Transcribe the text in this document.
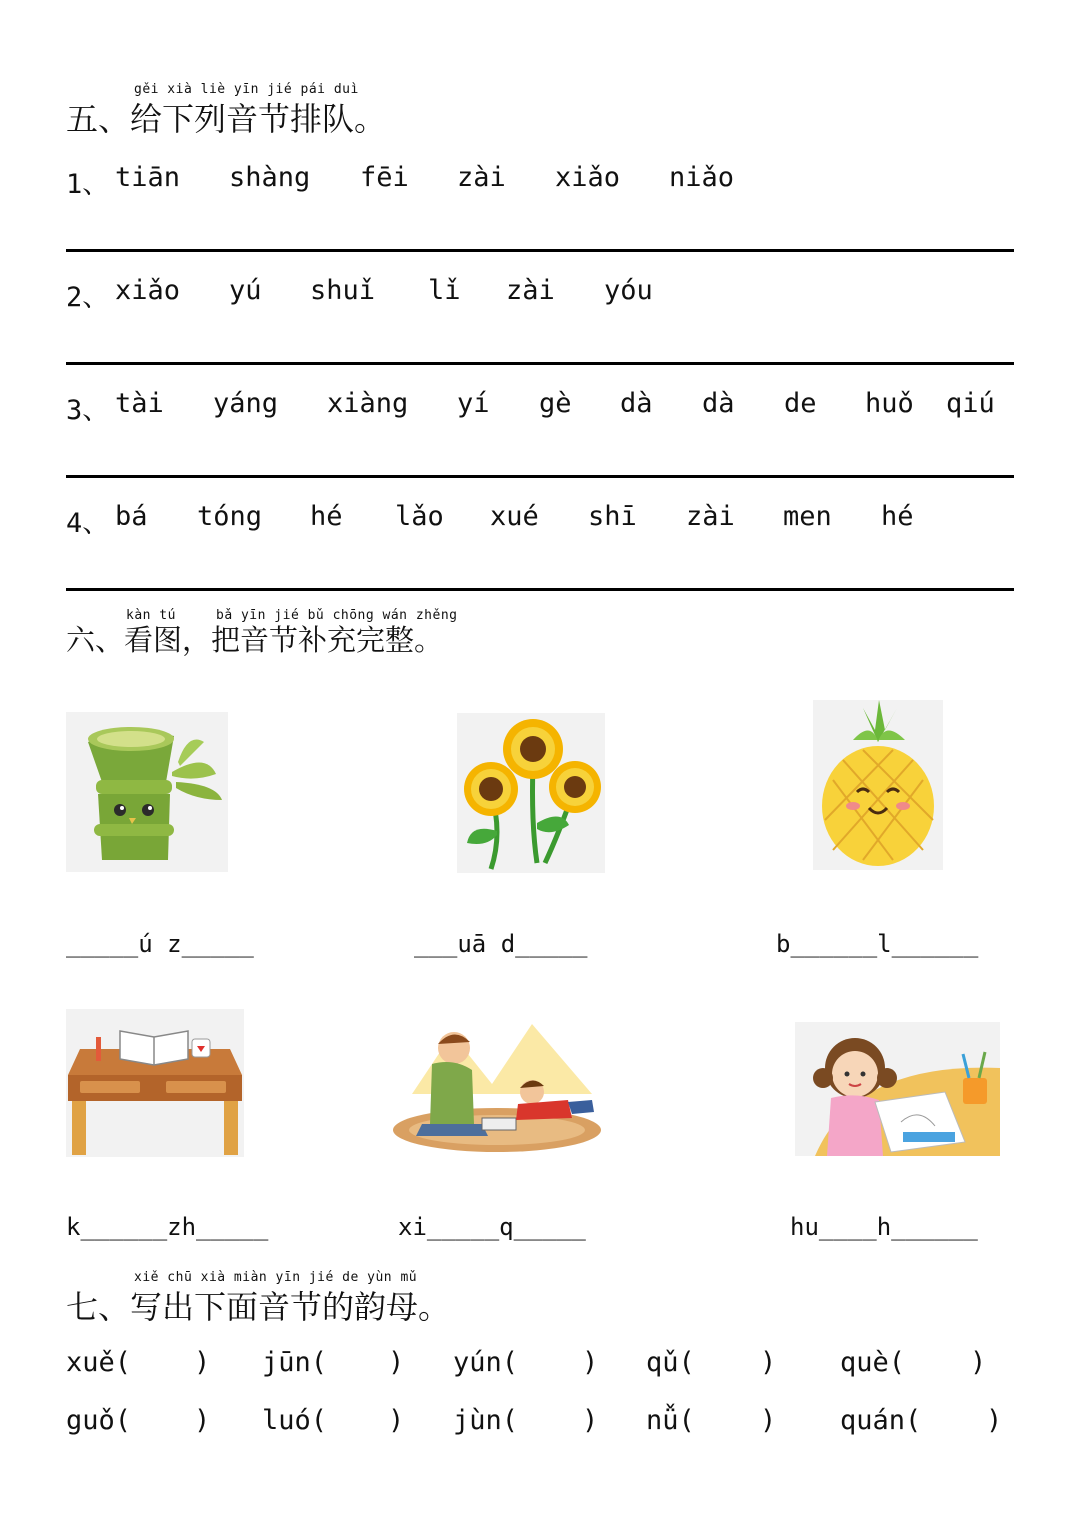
gěi xià liè yīn jié pái duì
五、给下列音节排队。
1、 tiān shàng fēi zài xiǎo niǎo
2、 xiǎo yú shuǐ lǐ zài yóu
3、 tài yáng xiàng yí gè dà dà de huǒ qiú
4、 bá tóng hé lǎo xué shī zài men hé
kàn tú	bǎ yīn jié bǔ chōng wán zhěng
六、看图，把音节补充完整。
_____ú z_____	___uā d_____	b______l______
k______zh_____	xi_____q_____	hu____h______
xiě chū xià miàn yīn jié de yùn mǔ
七、写出下面音节的韵母。
xuě( ) jūn( ) yún( ) qǔ( ) què( )
guǒ( ) luó( ) jùn( ) nǚ( ) quán( )
